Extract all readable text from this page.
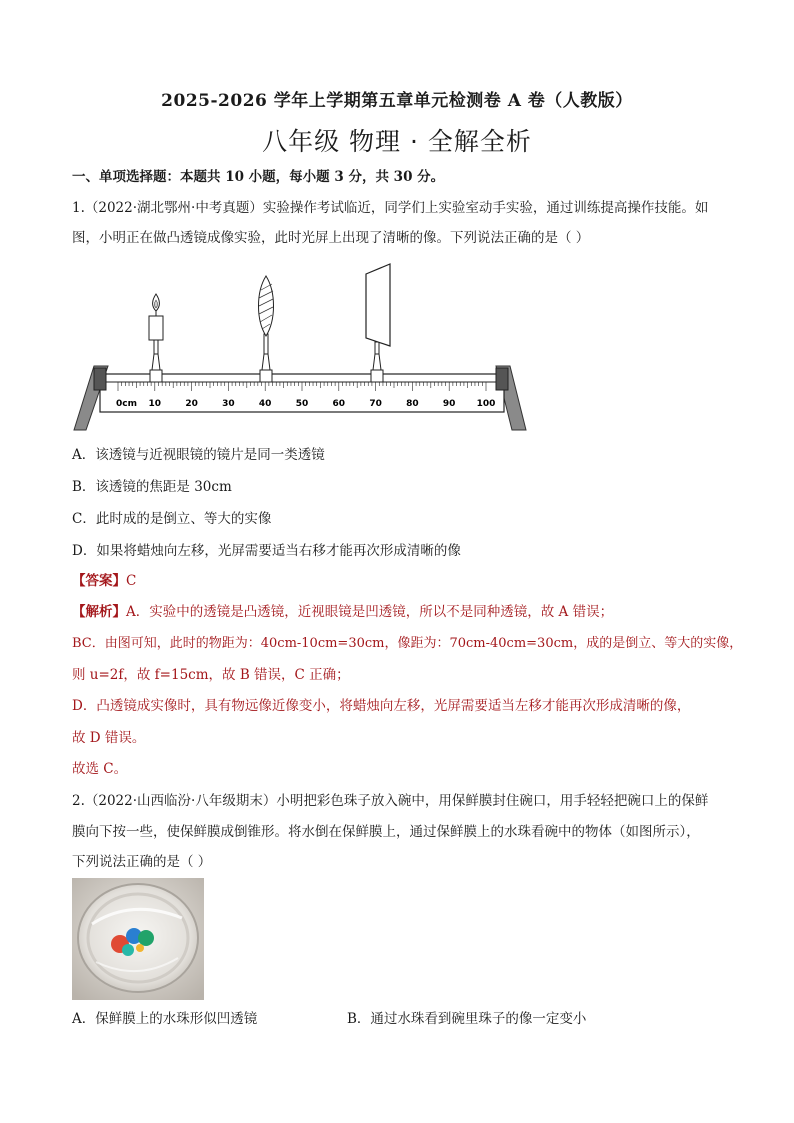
2025-2026 学年上学期第五章单元检测卷 A 卷（人教版）
八年级 物理 · 全解全析
一、单项选择题：本题共 10 小题，每小题 3 分，共 30 分。
1.（2022·湖北鄂州·中考真题）实验操作考试临近，同学们上实验室动手实验，通过训练提高操作技能。如
图，小明正在做凸透镜成像实验，此时光屏上出现了清晰的像。下列说法正确的是（ ）
0cm 10	20	30	40	50	60	70	80	90 100
A．该透镜与近视眼镜的镜片是同一类透镜
B．该透镜的焦距是 30cm
C．此时成的是倒立、等大的实像
D．如果将蜡烛向左移，光屏需要适当右移才能再次形成清晰的像
【答案】C
【解析】A．实验中的透镜是凸透镜，近视眼镜是凹透镜，所以不是同种透镜，故 A 错误；
BC．由图可知，此时的物距为：40cm-10cm=30cm，像距为：70cm-40cm=30cm，成的是倒立、等大的实像，
则 u=2f，故 f=15cm，故 B 错误，C 正确；
D．凸透镜成实像时，具有物远像近像变小，将蜡烛向左移，光屏需要适当左移才能再次形成清晰的像，
故 D 错误。
故选 C。
2.（2022·山西临汾·八年级期末）小明把彩色珠子放入碗中，用保鲜膜封住碗口，用手轻轻把碗口上的保鲜
膜向下按一些，使保鲜膜成倒锥形。将水倒在保鲜膜上，通过保鲜膜上的水珠看碗中的物体（如图所示），
下列说法正确的是（ ）
A．保鲜膜上的水珠形似凹透镜	B．通过水珠看到碗里珠子的像一定变小
